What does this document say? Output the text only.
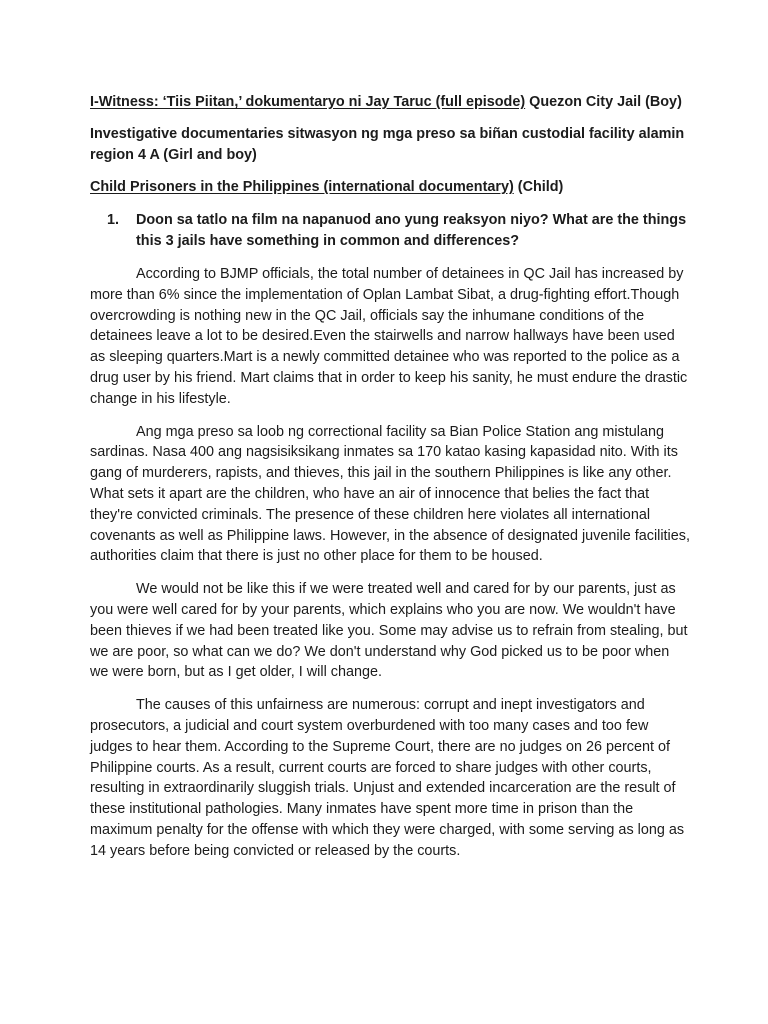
I-Witness: ‘Tiis Piitan,’ dokumentaryo ni Jay Taruc (full episode) Quezon City Jail (Boy)
Investigative documentaries sitwasyon ng mga preso sa biñan custodial facility alamin region 4 A (Girl and boy)
Child Prisoners in the Philippines (international documentary) (Child)
1.	Doon sa tatlo na film na napanuod ano yung reaksyon niyo? What are the things this 3 jails have something in common and differences?

According to BJMP officials, the total number of detainees in QC Jail has increased by more than 6% since the implementation of Oplan Lambat Sibat, a drug-fighting effort.Though overcrowding is nothing new in the QC Jail, officials say the inhumane conditions of the detainees leave a lot to be desired.Even the stairwells and narrow hallways have been used as sleeping quarters.Mart is a newly committed detainee who was reported to the police as a drug user by his friend. Mart claims that in order to keep his sanity, he must endure the drastic change in his lifestyle.

Ang mga preso sa loob ng correctional facility sa Bian Police Station ang mistulang sardinas. Nasa 400 ang nagsisiksikang inmates sa 170 katao kasing kapasidad nito. With its gang of murderers, rapists, and thieves, this jail in the southern Philippines is like any other. What sets it apart are the children, who have an air of innocence that belies the fact that they're convicted criminals. The presence of these children here violates all international covenants as well as Philippine laws. However, in the absence of designated juvenile facilities, authorities claim that there is just no other place for them to be housed.

We would not be like this if we were treated well and cared for by our parents, just as you were well cared for by your parents, which explains who you are now. We wouldn't have been thieves if we had been treated like you. Some may advise us to refrain from stealing, but we are poor, so what can we do? We don't understand why God picked us to be poor when we were born, but as I get older, I will change.

The causes of this unfairness are numerous: corrupt and inept investigators and prosecutors, a judicial and court system overburdened with too many cases and too few judges to hear them. According to the Supreme Court, there are no judges on 26 percent of Philippine courts. As a result, current courts are forced to share judges with other courts, resulting in extraordinarily sluggish trials. Unjust and extended incarceration are the result of these institutional pathologies. Many inmates have spent more time in prison than the maximum penalty for the offense with which they were charged, with some serving as long as 14 years before being convicted or released by the courts.
